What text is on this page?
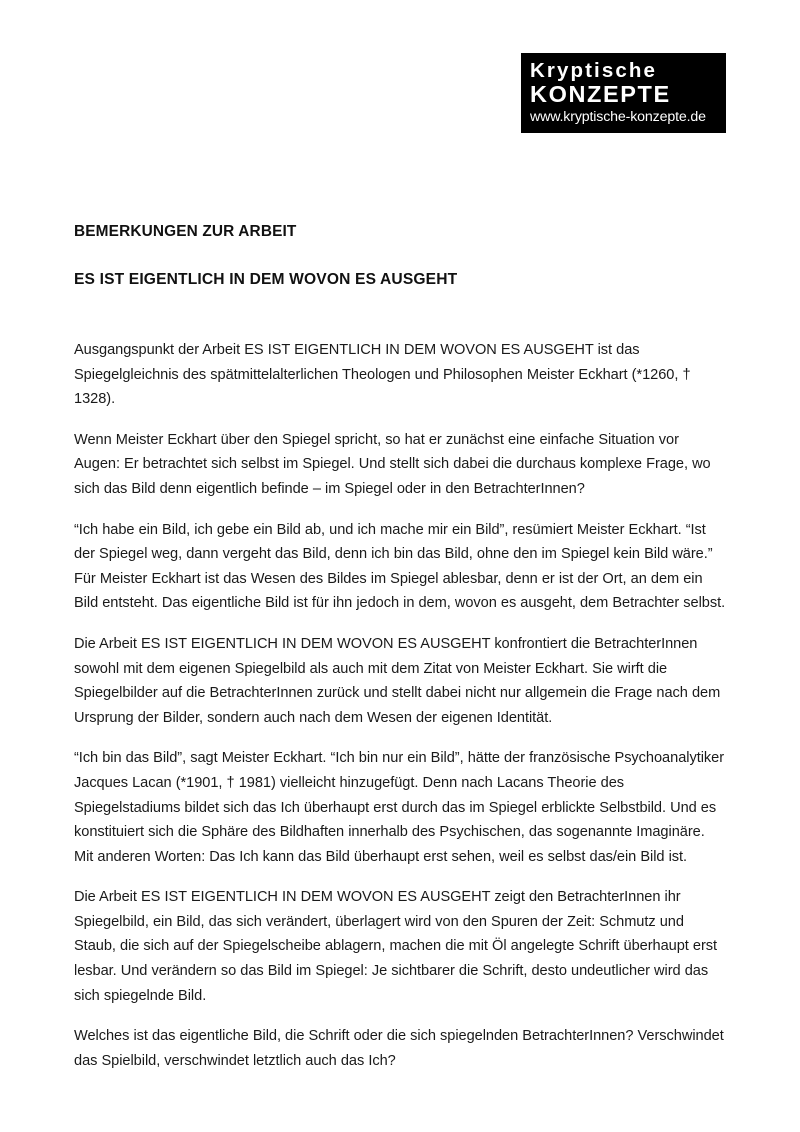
Kryptische
KONZEPTE
www.kryptische-konzepte.de
BEMERKUNGEN ZUR ARBEIT
ES IST EIGENTLICH IN DEM WOVON ES AUSGEHT

Ausgangspunkt der Arbeit ES IST EIGENTLICH IN DEM WOVON ES AUSGEHT ist das Spiegelgleichnis des spätmittelalterlichen Theologen und Philosophen Meister Eckhart (*1260, † 1328).

Wenn Meister Eckhart über den Spiegel spricht, so hat er zunächst eine einfache Situation vor Augen: Er betrachtet sich selbst im Spiegel. Und stellt sich dabei die durchaus komplexe Frage, wo sich das Bild denn eigentlich befinde – im Spiegel oder in den BetrachterInnen?

“Ich habe ein Bild, ich gebe ein Bild ab, und ich mache mir ein Bild”, resümiert Meister Eckhart. “Ist der Spiegel weg, dann vergeht das Bild, denn ich bin das Bild, ohne den im Spiegel kein Bild wäre.” Für Meister Eckhart ist das Wesen des Bildes im Spiegel ablesbar, denn er ist der Ort, an dem ein Bild entsteht. Das eigentliche Bild ist für ihn jedoch in dem, wovon es ausgeht, dem Betrachter selbst.

Die Arbeit ES IST EIGENTLICH IN DEM WOVON ES AUSGEHT konfrontiert die BetrachterInnen sowohl mit dem eigenen Spiegelbild als auch mit dem Zitat von Meister Eckhart. Sie wirft die Spiegelbilder auf die BetrachterInnen zurück und stellt dabei nicht nur allgemein die Frage nach dem Ursprung der Bilder, sondern auch nach dem Wesen der eigenen Identität.

“Ich bin das Bild”, sagt Meister Eckhart. “Ich bin nur ein Bild”, hätte der französische Psychoanalytiker Jacques Lacan (*1901, † 1981) vielleicht hinzugefügt. Denn nach Lacans Theorie des Spiegelstadiums bildet sich das Ich überhaupt erst durch das im Spiegel erblickte Selbstbild. Und es konstituiert sich die Sphäre des Bildhaften innerhalb des Psychischen, das sogenannte Imaginäre. Mit anderen Worten: Das Ich kann das Bild überhaupt erst sehen, weil es selbst das/ein Bild ist.

Die Arbeit ES IST EIGENTLICH IN DEM WOVON ES AUSGEHT zeigt den BetrachterInnen ihr Spiegelbild, ein Bild, das sich verändert, überlagert wird von den Spuren der Zeit: Schmutz und Staub, die sich auf der Spiegelscheibe ablagern, machen die mit Öl angelegte Schrift überhaupt erst lesbar. Und verändern so das Bild im Spiegel: Je sichtbarer die Schrift, desto undeutlicher wird das sich spiegelnde Bild.

Welches ist das eigentliche Bild, die Schrift oder die sich spiegelnden BetrachterInnen? Verschwindet das Spielbild, verschwindet letztlich auch das Ich?
